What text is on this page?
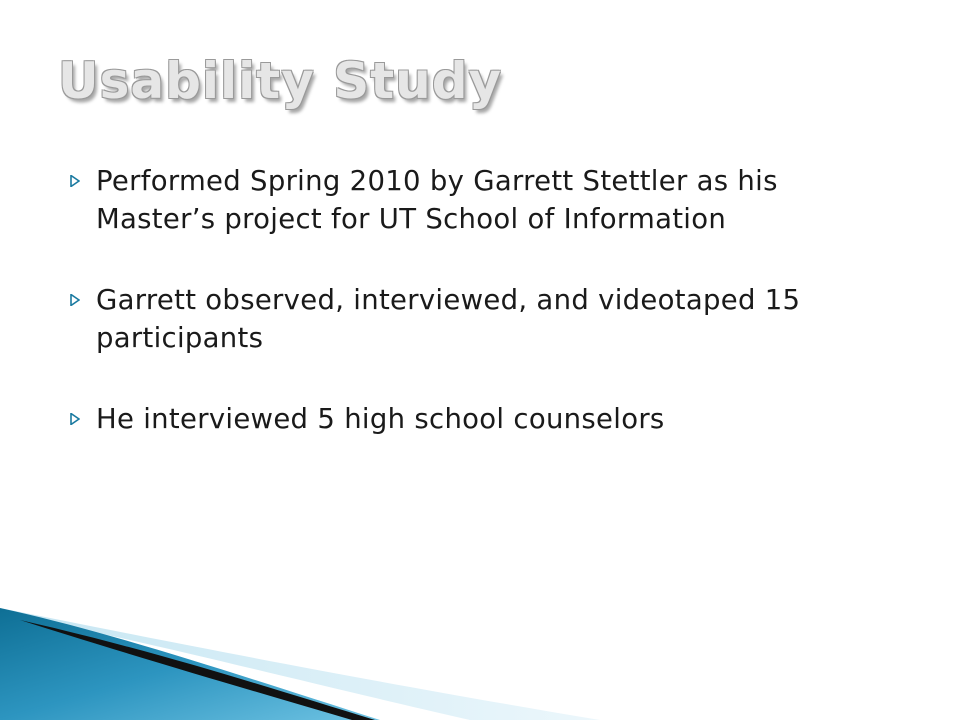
Usability Study
Performed Spring 2010 by Garrett Stettler as his Master’s project for UT School of Information
Garrett observed, interviewed, and videotaped 15 participants
He interviewed 5 high school counselors
